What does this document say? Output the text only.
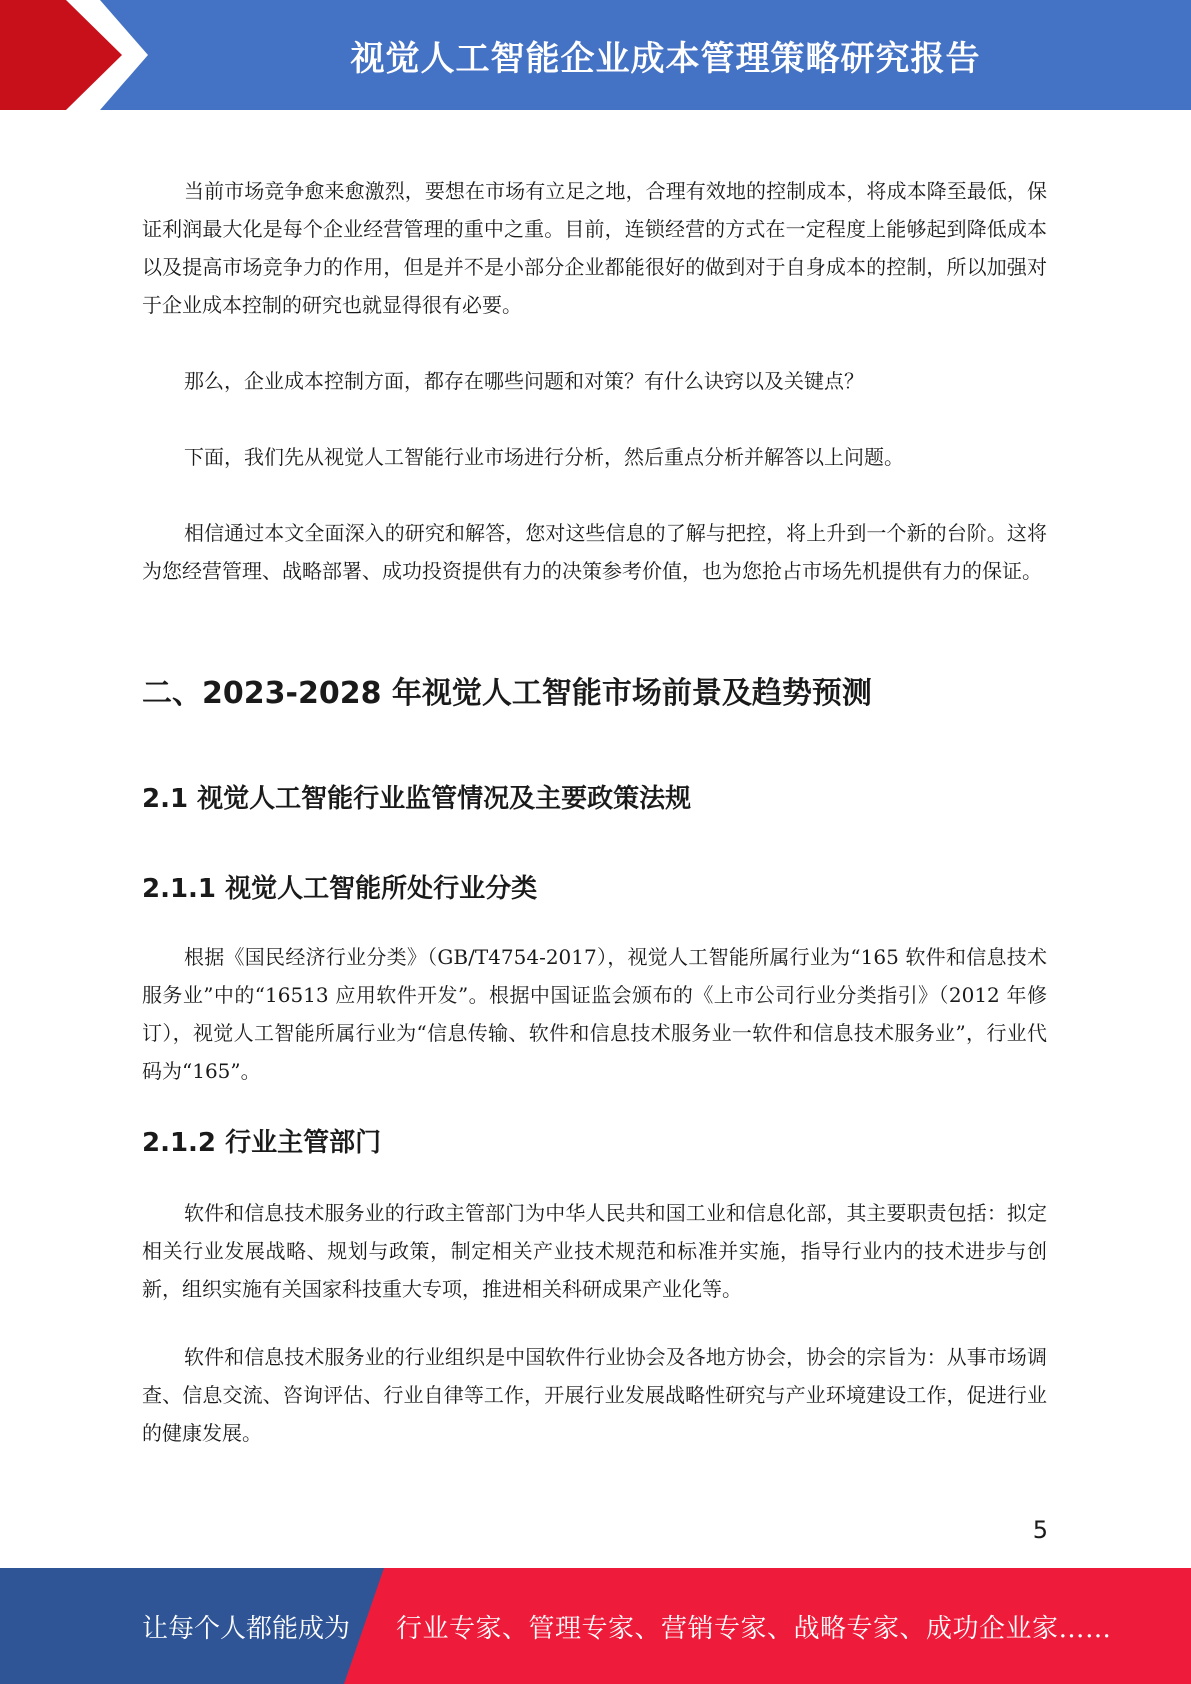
视觉人工智能企业成本管理策略研究报告

当前市场竞争愈来愈激烈，要想在市场有立足之地，合理有效地的控制成本，将成本降至最低，保证利润最大化是每个企业经营管理的重中之重。目前，连锁经营的方式在一定程度上能够起到降低成本以及提高市场竞争力的作用，但是并不是小部分企业都能很好的做到对于自身成本的控制，所以加强对于企业成本控制的研究也就显得很有必要。

那么，企业成本控制方面，都存在哪些问题和对策？有什么诀窍以及关键点？

下面，我们先从视觉人工智能行业市场进行分析，然后重点分析并解答以上问题。

相信通过本文全面深入的研究和解答，您对这些信息的了解与把控，将上升到一个新的台阶。这将为您经营管理、战略部署、成功投资提供有力的决策参考价值，也为您抢占市场先机提供有力的保证。

二、2023-2028 年视觉人工智能市场前景及趋势预测
2.1 视觉人工智能行业监管情况及主要政策法规
2.1.1 视觉人工智能所处行业分类

根据《国民经济行业分类》（GB/T4754-2017），视觉人工智能所属行业为“165 软件和信息技术服务业”中的“16513 应用软件开发”。根据中国证监会颁布的《上市公司行业分类指引》（2012 年修订），视觉人工智能所属行业为“信息传输、软件和信息技术服务业一软件和信息技术服务业”，行业代码为“165”。

2.1.2 行业主管部门

软件和信息技术服务业的行政主管部门为中华人民共和国工业和信息化部，其主要职责包括：拟定相关行业发展战略、规划与政策，制定相关产业技术规范和标准并实施，指导行业内的技术进步与创新，组织实施有关国家科技重大专项，推进相关科研成果产业化等。

软件和信息技术服务业的行业组织是中国软件行业协会及各地方协会，协会的宗旨为：从事市场调查、信息交流、咨询评估、行业自律等工作，开展行业发展战略性研究与产业环境建设工作，促进行业的健康发展。

5
让每个人都能成为 行业专家、管理专家、营销专家、战略专家、成功企业家……
